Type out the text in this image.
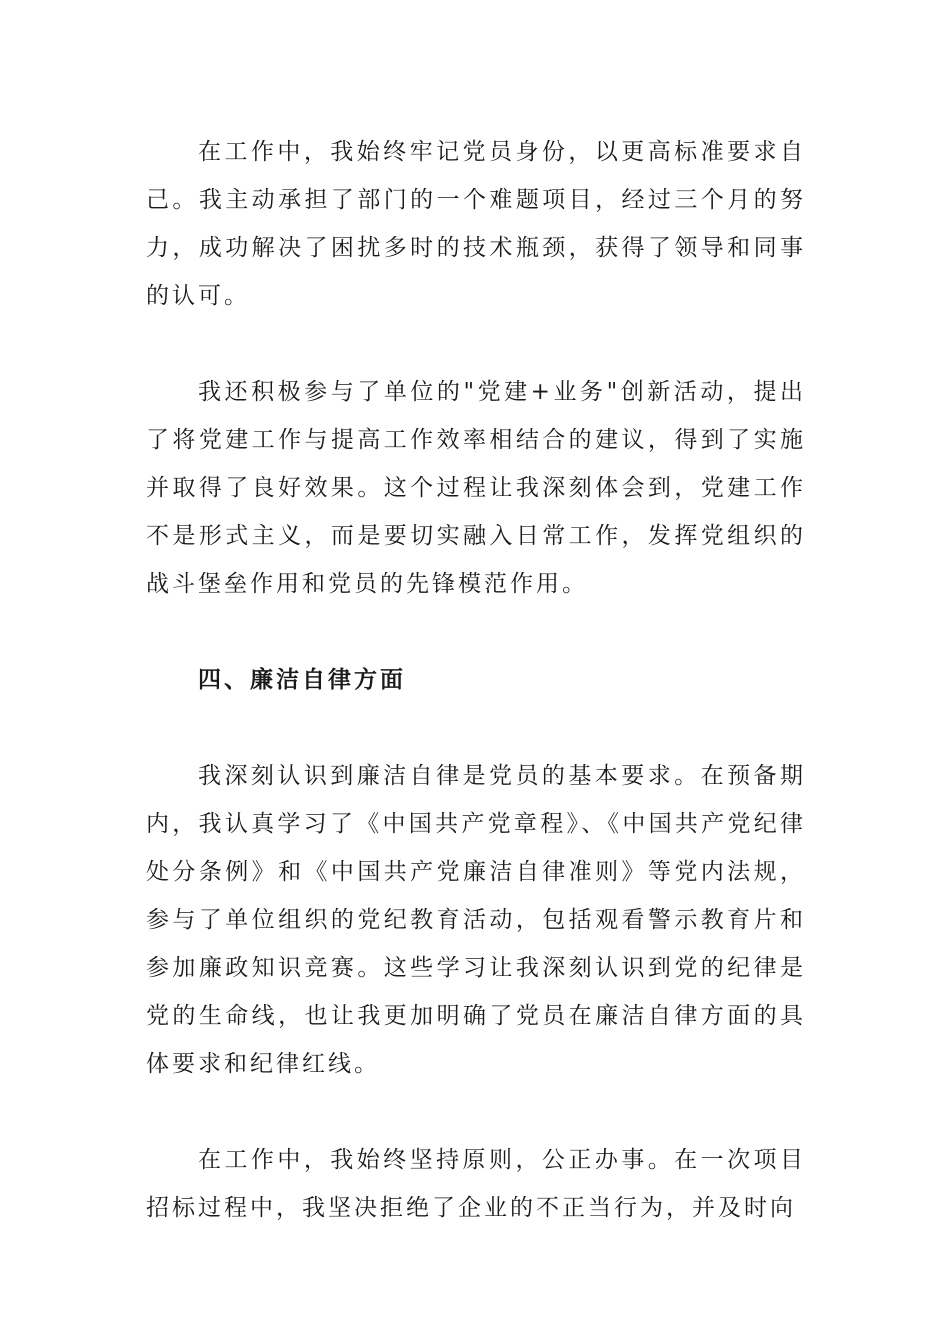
在工作中，我始终牢记党员身份，以更高标准要求自己。我主动承担了部门的一个难题项目，经过三个月的努力，成功解决了困扰多时的技术瓶颈，获得了领导和同事的认可。

我还积极参与了单位的"党建+业务"创新活动，提出了将党建工作与提高工作效率相结合的建议，得到了实施并取得了良好效果。这个过程让我深刻体会到，党建工作不是形式主义，而是要切实融入日常工作，发挥党组织的战斗堡垒作用和党员的先锋模范作用。

四、廉洁自律方面

我深刻认识到廉洁自律是党员的基本要求。在预备期内，我认真学习了《中国共产党章程》、《中国共产党纪律处分条例》和《中国共产党廉洁自律准则》等党内法规，参与了单位组织的党纪教育活动，包括观看警示教育片和参加廉政知识竞赛。这些学习让我深刻认识到党的纪律是党的生命线，也让我更加明确了党员在廉洁自律方面的具体要求和纪律红线。

在工作中，我始终坚持原则，公正办事。在一次项目招标过程中，我坚决拒绝了企业的不正当行为，并及时向
